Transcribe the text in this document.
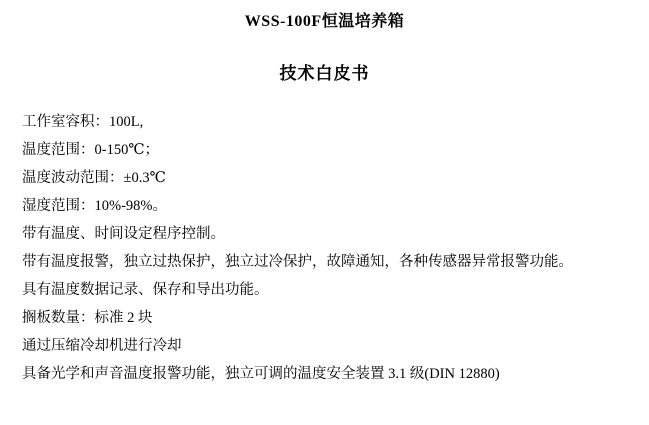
WSS-100F恒温培养箱
技术白皮书

工作室容积：100L,

温度范围：0-150℃；

温度波动范围：±0.3℃

湿度范围：10%-98%。

带有温度、时间设定程序控制。

带有温度报警，独立过热保护，独立过冷保护，故障通知，各种传感器异常报警功能。

具有温度数据记录、保存和导出功能。

搁板数量：标准 2 块

通过压缩冷却机进行冷却

具备光学和声音温度报警功能，独立可调的温度安全装置 3.1 级(DIN 12880)
